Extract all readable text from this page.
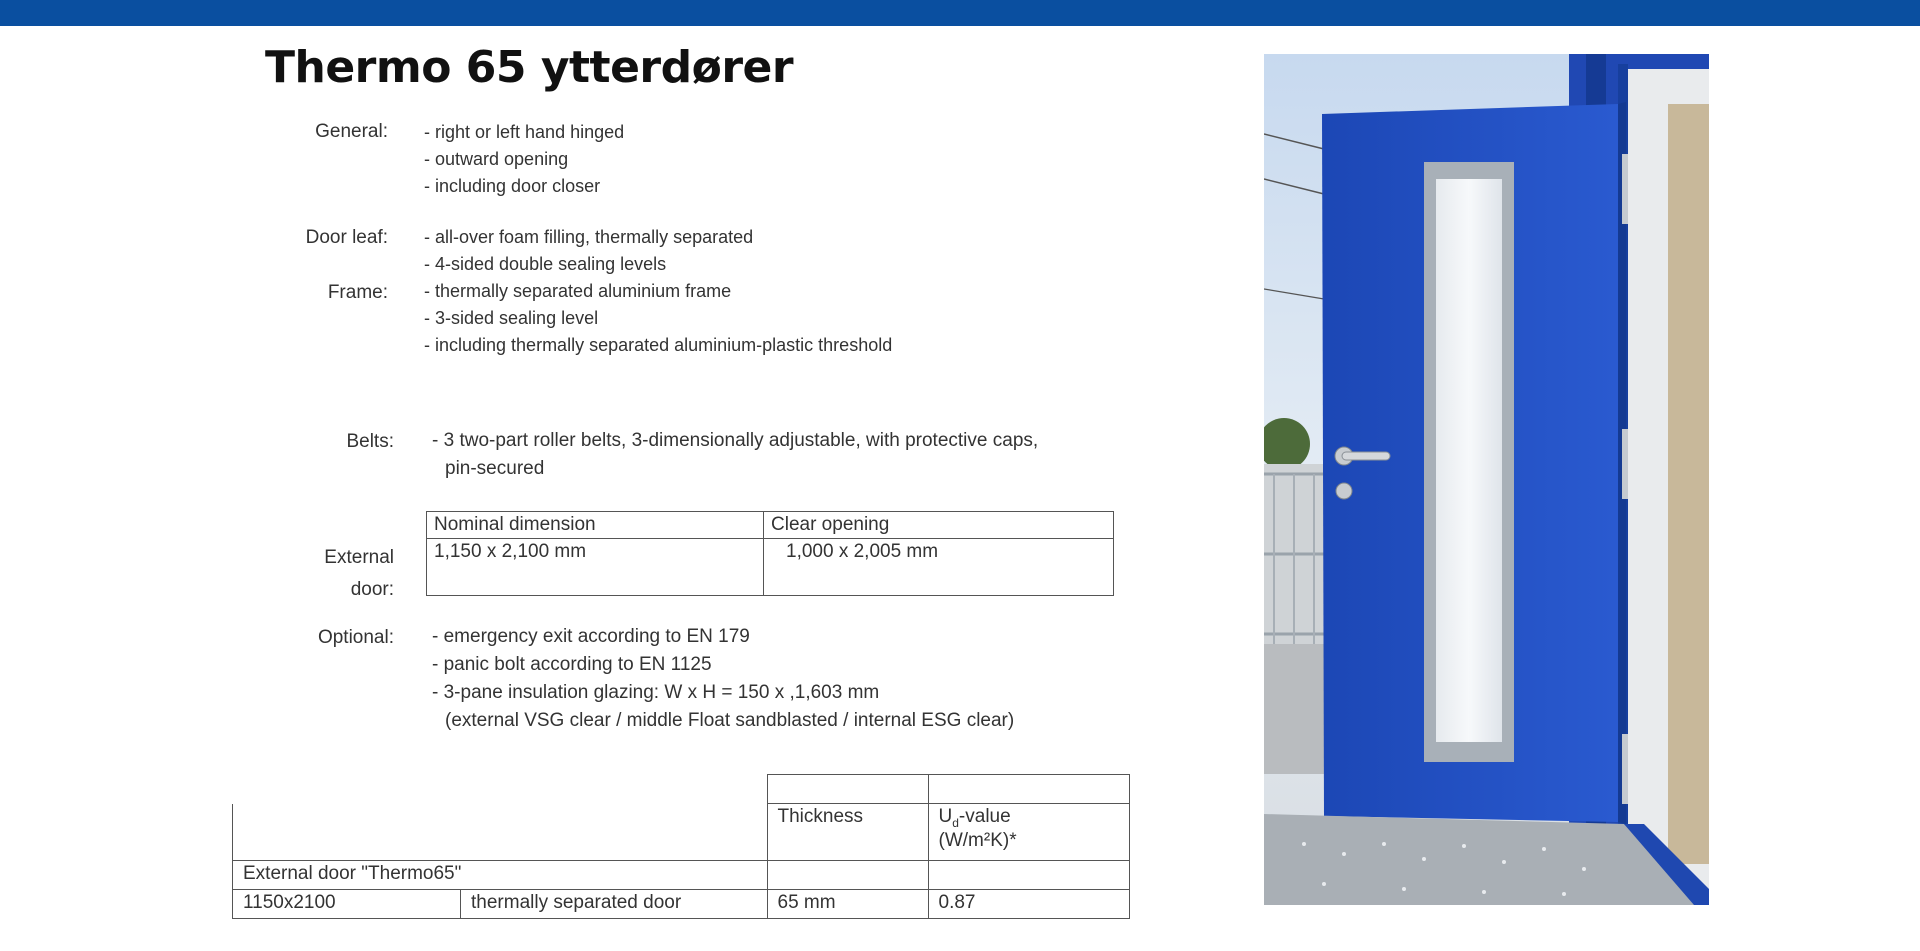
Thermo 65 ytterdører
General: - right or left hand hinged
- outward opening
- including door closer
Door leaf: - all-over foam filling, thermally separated
- 4-sided double sealing levels
Frame: - thermally separated aluminium frame
- 3-sided sealing level
- including thermally separated aluminium-plastic threshold
Belts: - 3 two-part roller belts, 3-dimensionally adjustable, with protective caps,
pin-secured
External
door:
Nominal dimension	Clear opening
1,150 x 2,100 mm	1,000 x 2,005 mm
Optional: - emergency exit according to EN 179
- panic bolt according to EN 1125
- 3-pane insulation glazing: W x H = 150 x ,1,603 mm
(external VSG clear / middle Float sandblasted / internal ESG clear)

		Thickness	$U_d$-value
(W/m²K)*
External door "Thermo65"			
1150x2100	thermally separated door	65 mm	0.87
